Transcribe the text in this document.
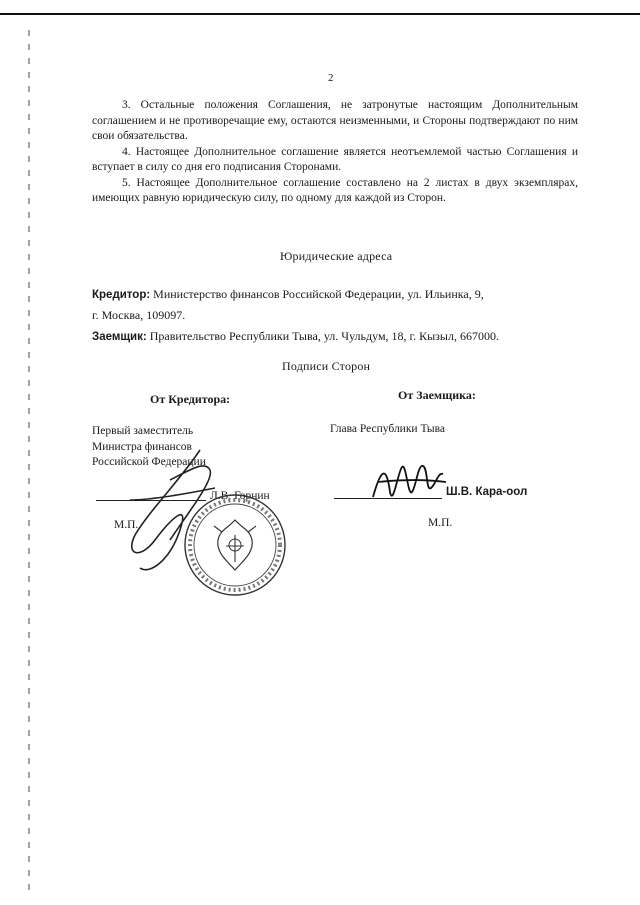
2

3. Остальные положения Соглашения, не затронутые настоящим Дополнительным соглашением и не противоречащие ему, остаются неизменными, и Стороны подтверждают по ним свои обязательства.

4. Настоящее Дополнительное соглашение является неотъемлемой частью Соглашения и вступает в силу со дня его подписания Сторонами.

5. Настоящее Дополнительное соглашение составлено на 2 листах в двух экземплярах, имеющих равную юридическую силу, по одному для каждой из Сторон.

Юридические адреса
Кредитор: Министерство финансов Российской Федерации, ул. Ильинка, 9,
г. Москва, 109097.
Заемщик: Правительство Республики Тыва, ул. Чульдум, 18, г. Кызыл, 667000.
Подписи Сторон
От Кредитора:
Первый заместитель
Министра финансов
Российской Федерации
Л.В. Горнин
М.П.
От Заемщика:
Глава Республики Тыва
Ш.В. Кара-оол
М.П.
